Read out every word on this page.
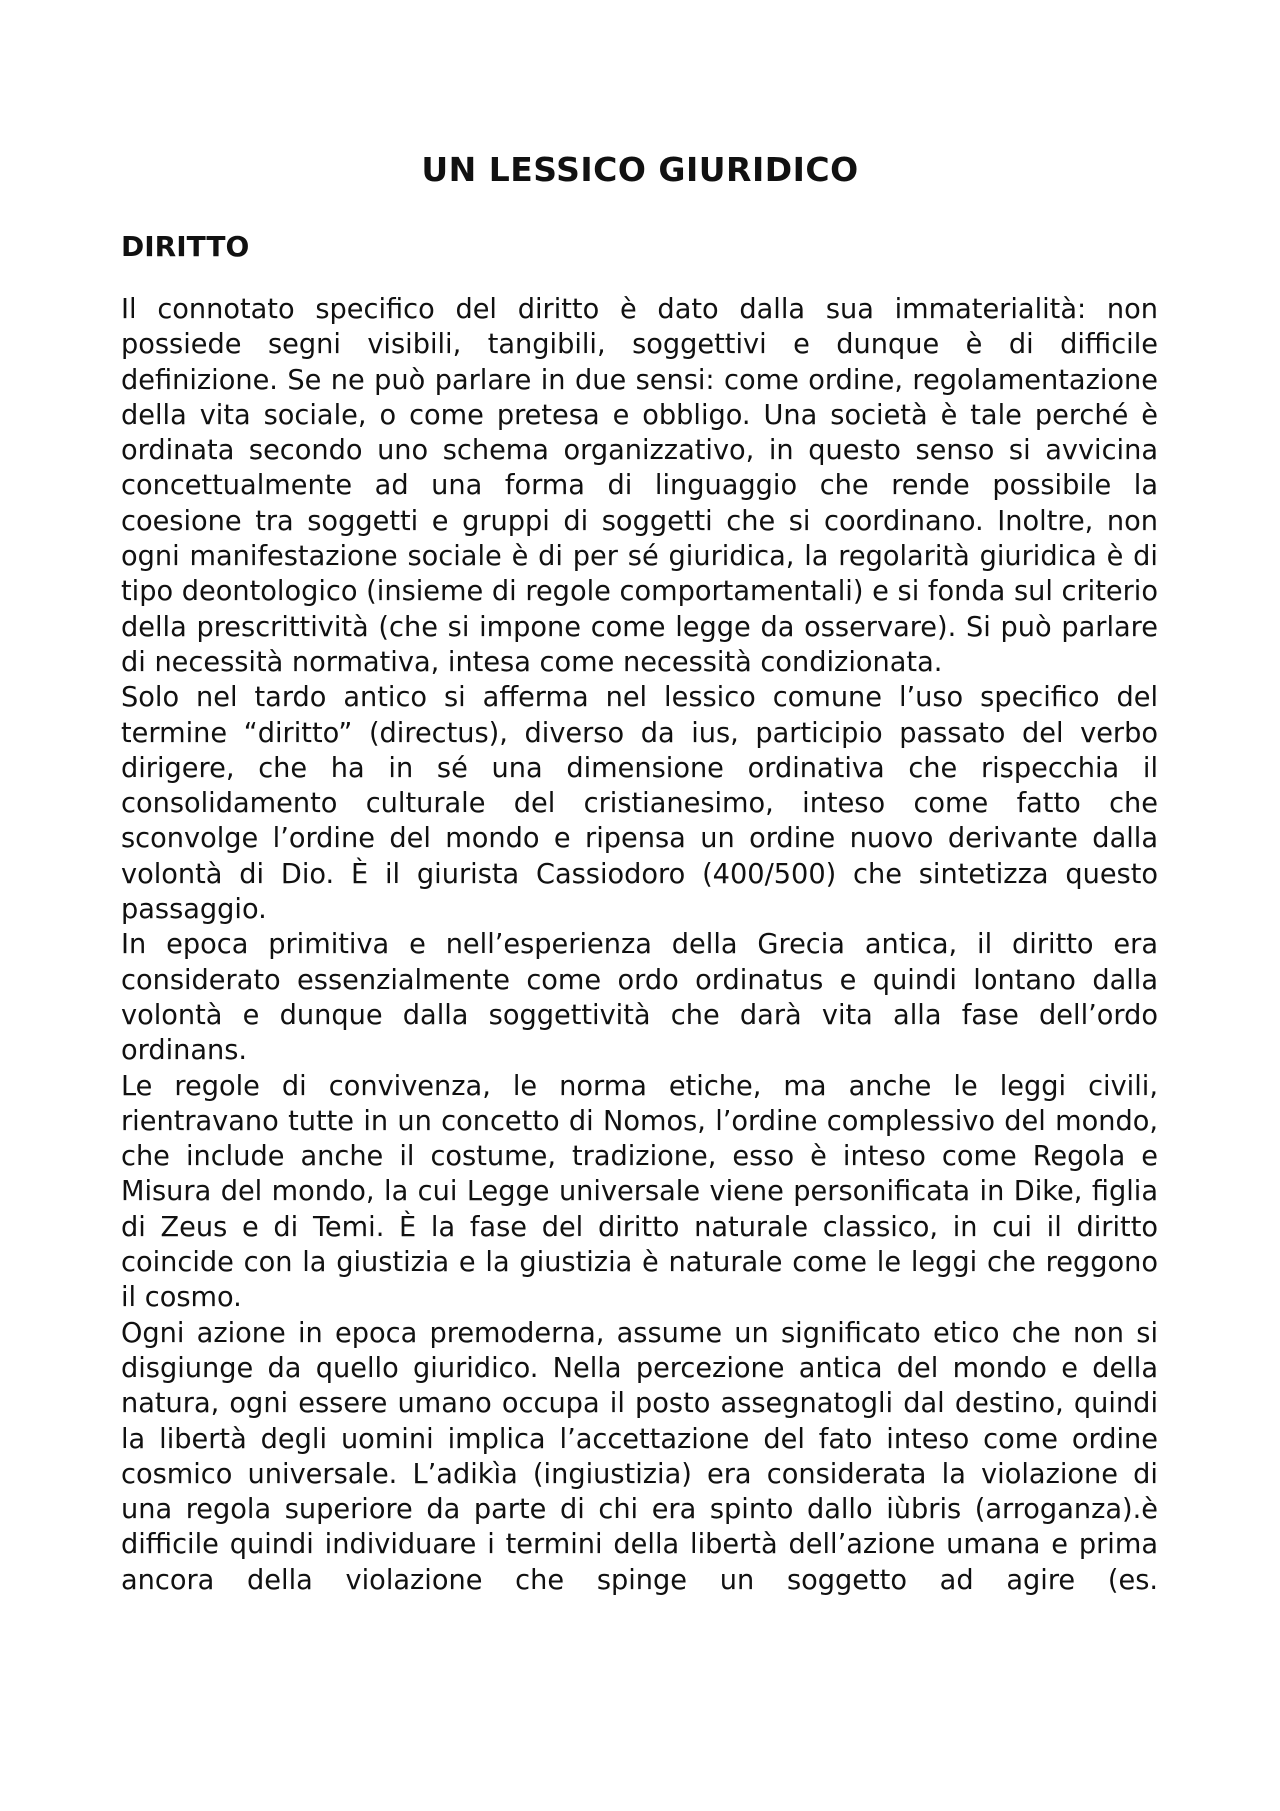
UN LESSICO GIURIDICO
DIRITTO

Il connotato specifico del diritto è dato dalla sua immaterialità: non possiede segni visibili, tangibili, soggettivi e dunque è di difficile definizione. Se ne può parlare in due sensi: come ordine, regolamentazione della vita sociale, o come pretesa e obbligo. Una società è tale perché è ordinata secondo uno schema organizzativo, in questo senso si avvicina concettualmente ad una forma di linguaggio che rende possibile la coesione tra soggetti e gruppi di soggetti che si coordinano. Inoltre, non ogni manifestazione sociale è di per sé giuridica, la regolarità giuridica è di tipo deontologico (insieme di regole comportamentali) e si fonda sul criterio della prescrittività (che si impone come legge da osservare). Si può parlare di necessità normativa, intesa come necessità condizionata.

Solo nel tardo antico si afferma nel lessico comune l’uso specifico del termine “diritto” (directus), diverso da ius, participio passato del verbo dirigere, che ha in sé una dimensione ordinativa che rispecchia il consolidamento culturale del cristianesimo, inteso come fatto che sconvolge l’ordine del mondo e ripensa un ordine nuovo derivante dalla volontà di Dio. È il giurista Cassiodoro (400/500) che sintetizza questo passaggio.

In epoca primitiva e nell’esperienza della Grecia antica, il diritto era considerato essenzialmente come ordo ordinatus e quindi lontano dalla volontà e dunque dalla soggettività che darà vita alla fase dell’ordo ordinans.

Le regole di convivenza, le norma etiche, ma anche le leggi civili, rientravano tutte in un concetto di Nomos, l’ordine complessivo del mondo, che include anche il costume, tradizione, esso è inteso come Regola e Misura del mondo, la cui Legge universale viene personificata in Dike, figlia di Zeus e di Temi. È la fase del diritto naturale classico, in cui il diritto coincide con la giustizia e la giustizia è naturale come le leggi che reggono il cosmo.

Ogni azione in epoca premoderna, assume un significato etico che non si disgiunge da quello giuridico. Nella percezione antica del mondo e della natura, ogni essere umano occupa il posto assegnatogli dal destino, quindi la libertà degli uomini implica l’accettazione del fato inteso come ordine cosmico universale. L’adikìa (ingiustizia) era considerata la violazione di una regola superiore da parte di chi era spinto dallo iùbris (arroganza).è difficile quindi individuare i termini della libertà dell’azione umana e prima ancora della violazione che spinge un soggetto ad agire (es.
